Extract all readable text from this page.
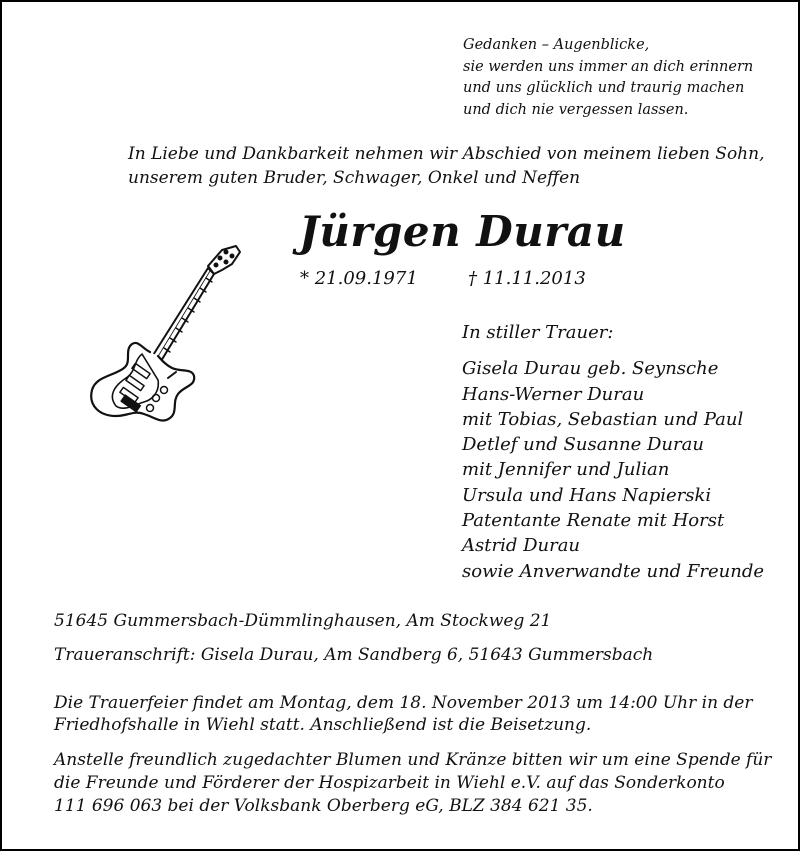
Gedanken – Augenblicke,
sie werden uns immer an dich erinnern
und uns glücklich und traurig machen
und dich nie vergessen lassen.
In Liebe und Dankbarkeit nehmen wir Abschied von meinem lieben Sohn,
unserem guten Bruder, Schwager, Onkel und Neffen
Jürgen Durau
* 21.09.1971	† 11.11.2013
In stiller Trauer:
Gisela Durau geb. Seynsche
Hans-Werner Durau
mit Tobias, Sebastian und Paul
Detlef und Susanne Durau
mit Jennifer und Julian
Ursula und Hans Napierski
Patentante Renate mit Horst
Astrid Durau
sowie Anverwandte und Freunde
51645 Gummersbach-Dümmlinghausen, Am Stockweg 21
Traueranschrift: Gisela Durau, Am Sandberg 6, 51643 Gummersbach
Die Trauerfeier findet am Montag, dem 18. November 2013 um 14:00 Uhr in der
Friedhofshalle in Wiehl statt. Anschließend ist die Beisetzung.
Anstelle freundlich zugedachter Blumen und Kränze bitten wir um eine Spende für
die Freunde und Förderer der Hospizarbeit in Wiehl e.V. auf das Sonderkonto
111 696 063 bei der Volksbank Oberberg eG, BLZ 384 621 35.
